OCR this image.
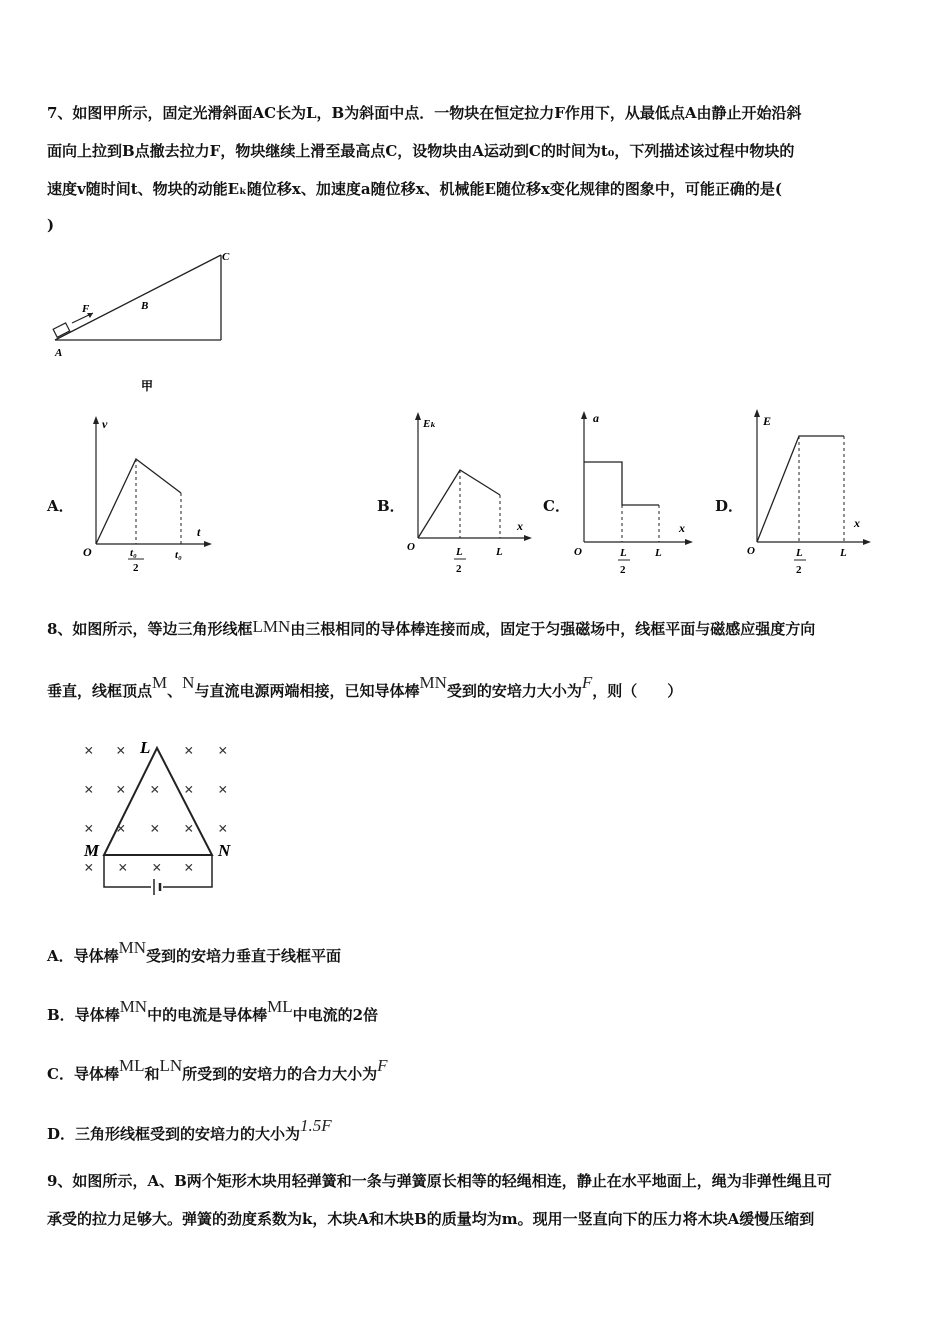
7、如图甲所示，固定光滑斜面AC长为L，B为斜面中点．一物块在恒定拉力F作用下，从最低点A由静止开始沿斜
面向上拉到B点撤去拉力F，物块继续上滑至最高点C，设物块由A运动到C的时间为t₀，下列描述该过程中物块的
速度v随时间t、物块的动能Eₖ随位移x、加速度a随位移x、机械能E随位移x变化规律的图象中，可能正确的是(
)
F	B
C
A
甲
A．
v
t
O	t₀
2
t₀
B．
Eₖ
x
O	L
2
L
C．
a
x
O	L
2
L
D．
E
x
O	L
2
L
8、如图所示，等边三角形线框LMN由三根相同的导体棒连接而成，固定于匀强磁场中，线框平面与磁感应强度方向
垂直，线框顶点M、N与直流电源两端相接，已知导体棒MN受到的安培力大小为F，则（　　）
× ×	× ×
× × × × ×
× × × × ×
× × × ×
L
M	N
A．导体棒MN受到的安培力垂直于线框平面
B．导体棒MN中的电流是导体棒ML中电流的2倍
C．导体棒ML和LN所受到的安培力的合力大小为F
D．三角形线框受到的安培力的大小为1.5F
9、如图所示，A、B两个矩形木块用轻弹簧和一条与弹簧原长相等的轻绳相连，静止在水平地面上，绳为非弹性绳且可
承受的拉力足够大。弹簧的劲度系数为k，木块A和木块B的质量均为m。现用一竖直向下的压力将木块A缓慢压缩到
